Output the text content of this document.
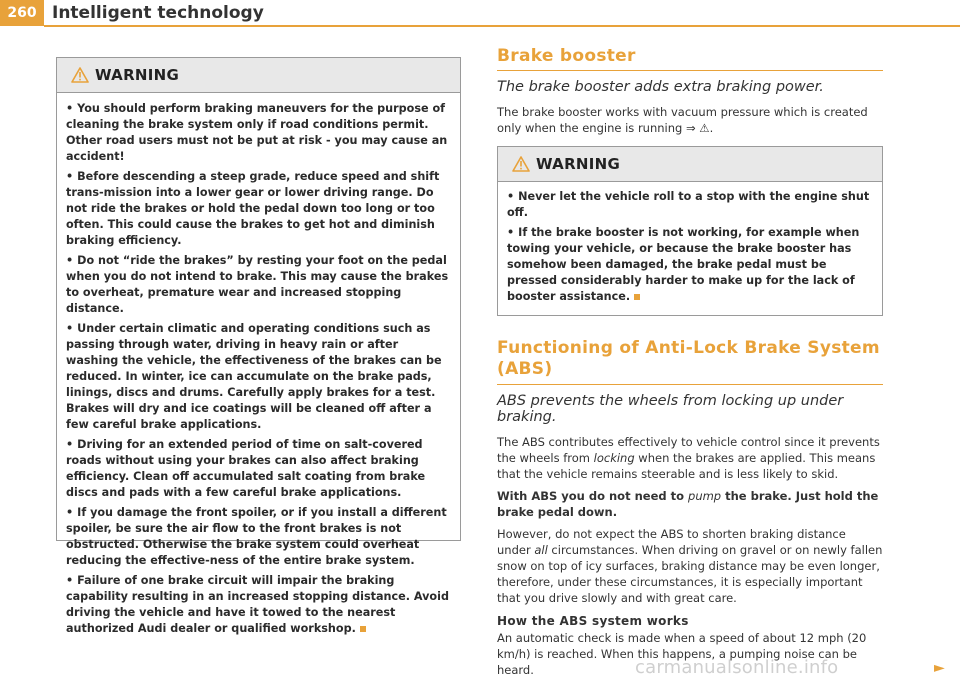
260 Intelligent technology
WARNING

• You should perform braking maneuvers for the purpose of cleaning the brake system only if road conditions permit. Other road users must not be put at risk - you may cause an accident!

• Before descending a steep grade, reduce speed and shift trans-mission into a lower gear or lower driving range. Do not ride the brakes or hold the pedal down too long or too often. This could cause the brakes to get hot and diminish braking efficiency.

• Do not “ride the brakes” by resting your foot on the pedal when you do not intend to brake. This may cause the brakes to overheat, premature wear and increased stopping distance.

• Under certain climatic and operating conditions such as passing through water, driving in heavy rain or after washing the vehicle, the effectiveness of the brakes can be reduced. In winter, ice can accumulate on the brake pads, linings, discs and drums. Carefully apply brakes for a test. Brakes will dry and ice coatings will be cleaned off after a few careful brake applications.

• Driving for an extended period of time on salt-covered roads without using your brakes can also affect braking efficiency. Clean off accumulated salt coating from brake discs and pads with a few careful brake applications.

• If you damage the front spoiler, or if you install a different spoiler, be sure the air flow to the front brakes is not obstructed. Otherwise the brake system could overheat reducing the effective-ness of the entire brake system.

• Failure of one brake circuit will impair the braking capability resulting in an increased stopping distance. Avoid driving the vehicle and have it towed to the nearest authorized Audi dealer or qualified workshop.

Brake booster
The brake booster adds extra braking power.

The brake booster works with vacuum pressure which is created only when the engine is running ⇒ ⚠.

WARNING

• Never let the vehicle roll to a stop with the engine shut off.

• If the brake booster is not working, for example when towing your vehicle, or because the brake booster has somehow been damaged, the brake pedal must be pressed considerably harder to make up for the lack of booster assistance.

Functioning of Anti-Lock Brake System (ABS)
ABS prevents the wheels from locking up under braking.

The ABS contributes effectively to vehicle control since it prevents the wheels from locking when the brakes are applied. This means that the vehicle remains steerable and is less likely to skid.

With ABS you do not need to pump the brake. Just hold the brake pedal down.

However, do not expect the ABS to shorten braking distance under all circumstances. When driving on gravel or on newly fallen snow on top of icy surfaces, braking distance may be even longer, therefore, under these circumstances, it is especially important that you drive slowly and with great care.

How the ABS system works

An automatic check is made when a speed of about 12 mph (20 km/h) is reached. When this happens, a pumping noise can be heard.	►
carmanualsonline.info
